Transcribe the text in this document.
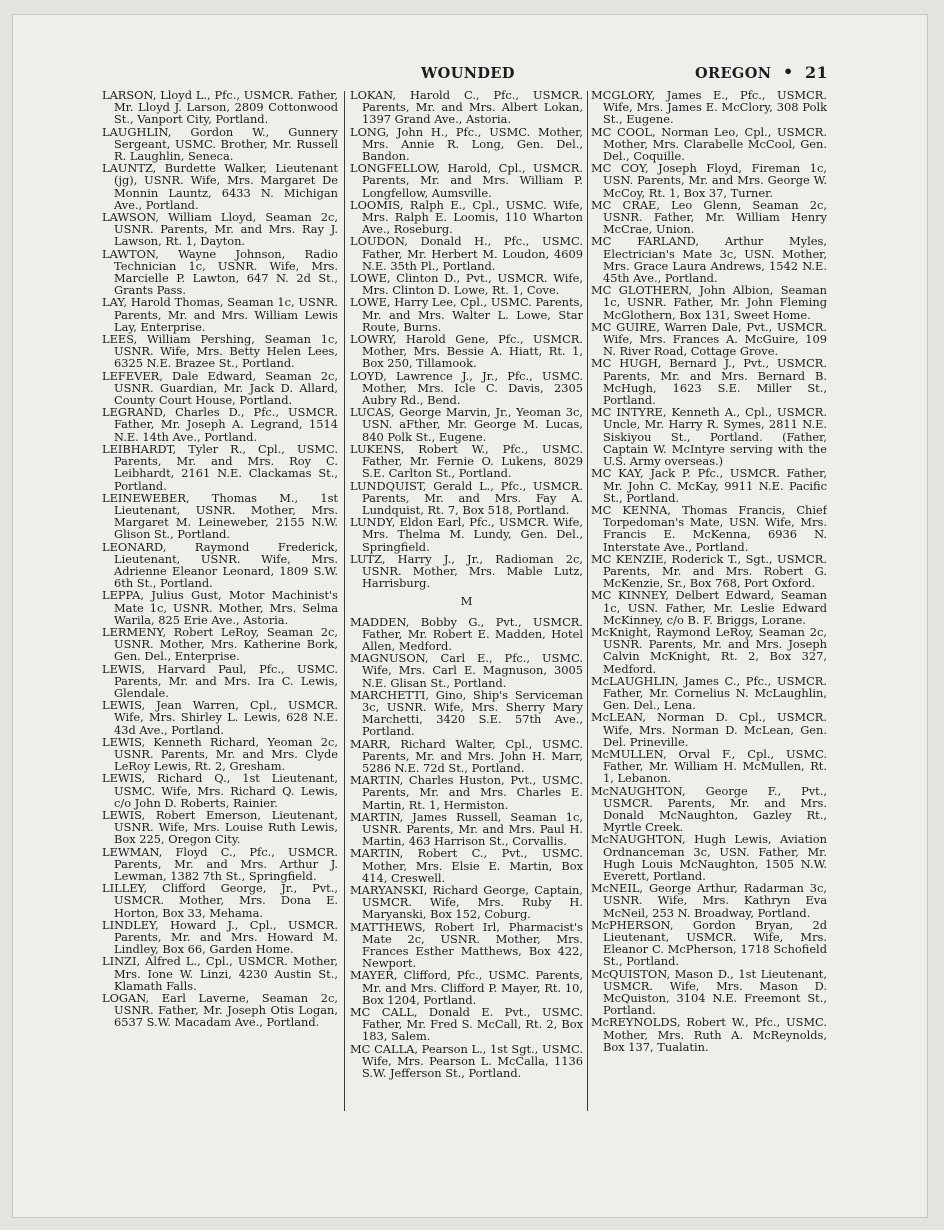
WOUNDED	OREGON • 21

LARSON, Lloyd L., Pfc., USMCR. Father, Mr. Lloyd J. Larson, 2809 Cottonwood St., Vanport City, Portland.

LAUGHLIN, Gordon W., Gunnery Sergeant, USMC. Brother, Mr. Russell R. Laughlin, Seneca.

LAUNTZ, Burdette Walker, Lieutenant (jg), USNR. Wife, Mrs. Margaret De Monnin Launtz, 6433 N. Michigan Ave., Portland.

LAWSON, William Lloyd, Seaman 2c, USNR. Parents, Mr. and Mrs. Ray J. Lawson, Rt. 1, Dayton.

LAWTON, Wayne Johnson, Radio Technician 1c, USNR. Wife, Mrs. Marcielle P. Lawton, 647 N. 2d St., Grants Pass.

LAY, Harold Thomas, Seaman 1c, USNR. Parents, Mr. and Mrs. William Lewis Lay, Enterprise.

LEES, William Pershing, Seaman 1c, USNR. Wife, Mrs. Betty Helen Lees, 6325 N.E. Brazee St., Portland.

LEFEVER, Dale Edward, Seaman 2c, USNR. Guardian, Mr. Jack D. Allard, County Court House, Portland.

LEGRAND, Charles D., Pfc., USMCR. Father, Mr. Joseph A. Legrand, 1514 N.E. 14th Ave., Portland.

LEIBHARDT, Tyler R., Cpl., USMC. Parents, Mr. and Mrs. Roy C. Leibhardt, 2161 N.E. Clackamas St., Portland.

LEINEWEBER, Thomas M., 1st Lieutenant, USNR. Mother, Mrs. Margaret M. Leineweber, 2155 N.W. Glison St., Portland.

LEONARD, Raymond Frederick, Lieutenant, USNR. Wife, Mrs. Adrienne Eleanor Leonard, 1809 S.W. 6th St., Portland.

LEPPA, Julius Gust, Motor Machinist's Mate 1c, USNR. Mother, Mrs. Selma Warila, 825 Erie Ave., Astoria.

LERMENY, Robert LeRoy, Seaman 2c, USNR. Mother, Mrs. Katherine Bork, Gen. Del., Enterprise.

LEWIS, Harvard Paul, Pfc., USMC. Parents, Mr. and Mrs. Ira C. Lewis, Glendale.

LEWIS, Jean Warren, Cpl., USMCR. Wife, Mrs. Shirley L. Lewis, 628 N.E. 43d Ave., Portland.

LEWIS, Kenneth Richard, Yeoman 2c, USNR. Parents, Mr. and Mrs. Clyde LeRoy Lewis, Rt. 2, Gresham.

LEWIS, Richard Q., 1st Lieutenant, USMC. Wife, Mrs. Richard Q. Lewis, c/o John D. Roberts, Rainier.

LEWIS, Robert Emerson, Lieutenant, USNR. Wife, Mrs. Louise Ruth Lewis, Box 225, Oregon City.

LEWMAN, Floyd C., Pfc., USMCR. Parents, Mr. and Mrs. Arthur J. Lewman, 1382 7th St., Springfield.

LILLEY, Clifford George, Jr., Pvt., USMCR. Mother, Mrs. Dona E. Horton, Box 33, Mehama.

LINDLEY, Howard J., Cpl., USMCR. Parents, Mr. and Mrs. Howard M. Lindley, Box 66, Garden Home.

LINZI, Alfred L., Cpl., USMCR. Mother, Mrs. Ione W. Linzi, 4230 Austin St., Klamath Falls.

LOGAN, Earl Laverne, Seaman 2c, USNR. Father, Mr. Joseph Otis Logan, 6537 S.W. Macadam Ave., Portland.

LOKAN, Harold C., Pfc., USMCR. Parents, Mr. and Mrs. Albert Lokan, 1397 Grand Ave., Astoria.

LONG, John H., Pfc., USMC. Mother, Mrs. Annie R. Long, Gen. Del., Bandon.

LONGFELLOW, Harold, Cpl., USMCR. Parents, Mr. and Mrs. William P. Longfellow, Aumsville.

LOOMIS, Ralph E., Cpl., USMC. Wife, Mrs. Ralph E. Loomis, 110 Wharton Ave., Roseburg.

LOUDON, Donald H., Pfc., USMC. Father, Mr. Herbert M. Loudon, 4609 N.E. 35th Pl., Portland.

LOWE, Clinton D., Pvt., USMCR. Wife, Mrs. Clinton D. Lowe, Rt. 1, Cove.

LOWE, Harry Lee, Cpl., USMC. Parents, Mr. and Mrs. Walter L. Lowe, Star Route, Burns.

LOWRY, Harold Gene, Pfc., USMCR. Mother, Mrs. Bessie A. Hiatt, Rt. 1, Box 250, Tillamook.

LOYD, Lawrence J., Jr., Pfc., USMC. Mother, Mrs. Icle C. Davis, 2305 Aubry Rd., Bend.

LUCAS, George Marvin, Jr., Yeoman 3c, USN. aFther, Mr. George M. Lucas, 840 Polk St., Eugene.

LUKENS, Robert W., Pfc., USMC. Father, Mr. Fernie O. Lukens, 8029 S.E. Carlton St., Portland.

LUNDQUIST, Gerald L., Pfc., USMCR. Parents, Mr. and Mrs. Fay A. Lundquist, Rt. 7, Box 518, Portland.

LUNDY, Eldon Earl, Pfc., USMCR. Wife, Mrs. Thelma M. Lundy, Gen. Del., Springfield.

LUTZ, Harry J., Jr., Radioman 2c, USNR. Mother, Mrs. Mable Lutz, Harrisburg.

M

MADDEN, Bobby G., Pvt., USMCR. Father, Mr. Robert E. Madden, Hotel Allen, Medford.

MAGNUSON, Carl E., Pfc., USMC. Wife, Mrs. Carl E. Magnuson, 3005 N.E. Glisan St., Portland.

MARCHETTI, Gino, Ship's Serviceman 3c, USNR. Wife, Mrs. Sherry Mary Marchetti, 3420 S.E. 57th Ave., Portland.

MARR, Richard Walter, Cpl., USMC. Parents, Mr. and Mrs. John H. Marr, 5286 N.E. 72d St., Portland.

MARTIN, Charles Huston, Pvt., USMC. Parents, Mr. and Mrs. Charles E. Martin, Rt. 1, Hermiston.

MARTIN, James Russell, Seaman 1c, USNR. Parents, Mr. and Mrs. Paul H. Martin, 463 Harrison St., Corvallis.

MARTIN, Robert C., Pvt., USMC. Mother, Mrs. Elsie E. Martin, Box 414, Creswell.

MARYANSKI, Richard George, Captain, USMCR. Wife, Mrs. Ruby H. Maryanski, Box 152, Coburg.

MATTHEWS, Robert Irl, Pharmacist's Mate 2c, USNR. Mother, Mrs. Frances Esther Matthews, Box 422, Newport.

MAYER, Clifford, Pfc., USMC. Parents, Mr. and Mrs. Clifford P. Mayer, Rt. 10, Box 1204, Portland.

MC CALL, Donald E. Pvt., USMC. Father, Mr. Fred S. McCall, Rt. 2, Box 183, Salem.

MC CALLA, Pearson L., 1st Sgt., USMC. Wife, Mrs. Pearson L. McCalla, 1136 S.W. Jefferson St., Portland.

MCGLORY, James E., Pfc., USMCR. Wife, Mrs. James E. McClory, 308 Polk St., Eugene.

MC COOL, Norman Leo, Cpl., USMCR. Mother, Mrs. Clarabelle McCool, Gen. Del., Coquille.

MC COY, Joseph Floyd, Fireman 1c, USN. Parents, Mr. and Mrs. George W. McCoy, Rt. 1, Box 37, Turner.

MC CRAE, Leo Glenn, Seaman 2c, USNR. Father, Mr. William Henry McCrae, Union.

MC FARLAND, Arthur Myles, Electrician's Mate 3c, USN. Mother, Mrs. Grace Laura Andrews, 1542 N.E. 45th Ave., Portland.

MC GLOTHERN, John Albion, Seaman 1c, USNR. Father, Mr. John Fleming McGlothern, Box 131, Sweet Home.

MC GUIRE, Warren Dale, Pvt., USMCR. Wife, Mrs. Frances A. McGuire, 109 N. River Road, Cottage Grove.

MC HUGH, Bernard J., Pvt., USMCR. Parents, Mr. and Mrs. Bernard B. McHugh, 1623 S.E. Miller St., Portland.

MC INTYRE, Kenneth A., Cpl., USMCR. Uncle, Mr. Harry R. Symes, 2811 N.E. Siskiyou St., Portland. (Father, Captain W. McIntyre serving with the U.S. Army overseas.)

MC KAY, Jack P. Pfc., USMCR. Father, Mr. John C. McKay, 9911 N.E. Pacific St., Portland.

MC KENNA, Thomas Francis, Chief Torpedoman's Mate, USN. Wife, Mrs. Francis E. McKenna, 6936 N. Interstate Ave., Portland.

MC KENZIE, Roderick T., Sgt., USMCR. Parents, Mr. and Mrs. Robert G. McKenzie, Sr., Box 768, Port Oxford.

MC KINNEY, Delbert Edward, Seaman 1c, USN. Father, Mr. Leslie Edward McKinney, c/o B. F. Briggs, Lorane.

McKnight, Raymond LeRoy, Seaman 2c, USNR. Parents, Mr. and Mrs. Joseph Calvin McKnight, Rt. 2, Box 327, Medford.

McLAUGHLIN, James C., Pfc., USMCR. Father, Mr. Cornelius N. McLaughlin, Gen. Del., Lena.

McLEAN, Norman D. Cpl., USMCR. Wife, Mrs. Norman D. McLean, Gen. Del. Prineville.

McMULLEN, Orval F., Cpl., USMC. Father, Mr. William H. McMullen, Rt. 1, Lebanon.

McNAUGHTON, George F., Pvt., USMCR. Parents, Mr. and Mrs. Donald McNaughton, Gazley Rt., Myrtle Creek.

McNAUGHTON, Hugh Lewis, Aviation Ordnanceman 3c, USN. Father, Mr. Hugh Louis McNaughton, 1505 N.W. Everett, Portland.

McNEIL, George Arthur, Radarman 3c, USNR. Wife, Mrs. Kathryn Eva McNeil, 253 N. Broadway, Portland.

McPHERSON, Gordon Bryan, 2d Lieutenant, USMCR. Wife, Mrs. Eleanor C. McPherson, 1718 Schofield St., Portland.

McQUISTON, Mason D., 1st Lieutenant, USMCR. Wife, Mrs. Mason D. McQuiston, 3104 N.E. Freemont St., Portland.

McREYNOLDS, Robert W., Pfc., USMC. Mother, Mrs. Ruth A. McReynolds, Box 137, Tualatin.
